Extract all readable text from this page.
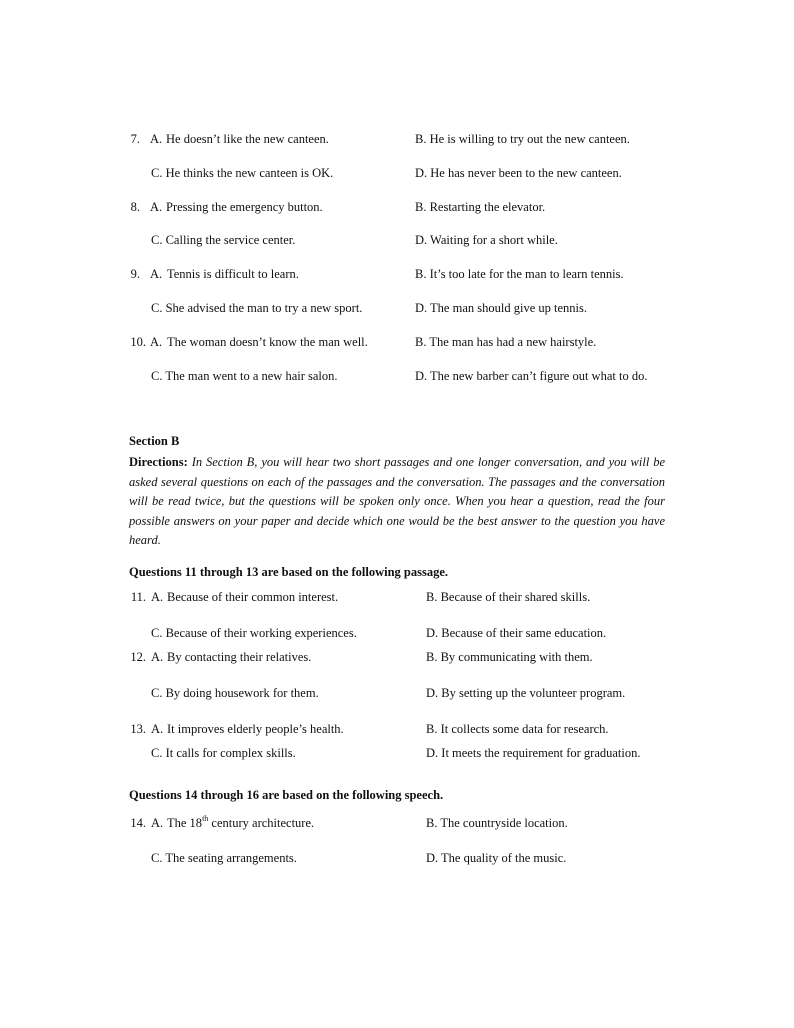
7. A. He doesn’t like the new canteen.	B. He is willing to try out the new canteen.
C. He thinks the new canteen is OK.	D. He has never been to the new canteen.
8. A. Pressing the emergency button.	B. Restarting the elevator.
C. Calling the service center.	D. Waiting for a short while.
9. A. Tennis is difficult to learn.	B. It’s too late for the man to learn tennis.
C. She advised the man to try a new sport.	D. The man should give up tennis.
10. A. The woman doesn’t know the man well.	B. The man has had a new hairstyle.
C. The man went to a new hair salon.	D. The new barber can’t figure out what to do.
Section B
Directions: In Section B, you will hear two short passages and one longer conversation, and you will be asked several questions on each of the passages and the conversation. The passages and the conversation will be read twice, but the questions will be spoken only once. When you hear a question, read the four possible answers on your paper and decide which one would be the best answer to the question you have heard.
Questions 11 through 13 are based on the following passage.
11. A. Because of their common interest.	B. Because of their shared skills.
C. Because of their working experiences.	D. Because of their same education.
12. A. By contacting their relatives.	B. By communicating with them.
C. By doing housework for them.	D. By setting up the volunteer program.
13. A. It improves elderly people’s health.	B. It collects some data for research.
C. It calls for complex skills.	D. It meets the requirement for graduation.
Questions 14 through 16 are based on the following speech.
14. A. The 18th century architecture.	B. The countryside location.
C. The seating arrangements.	D. The quality of the music.
